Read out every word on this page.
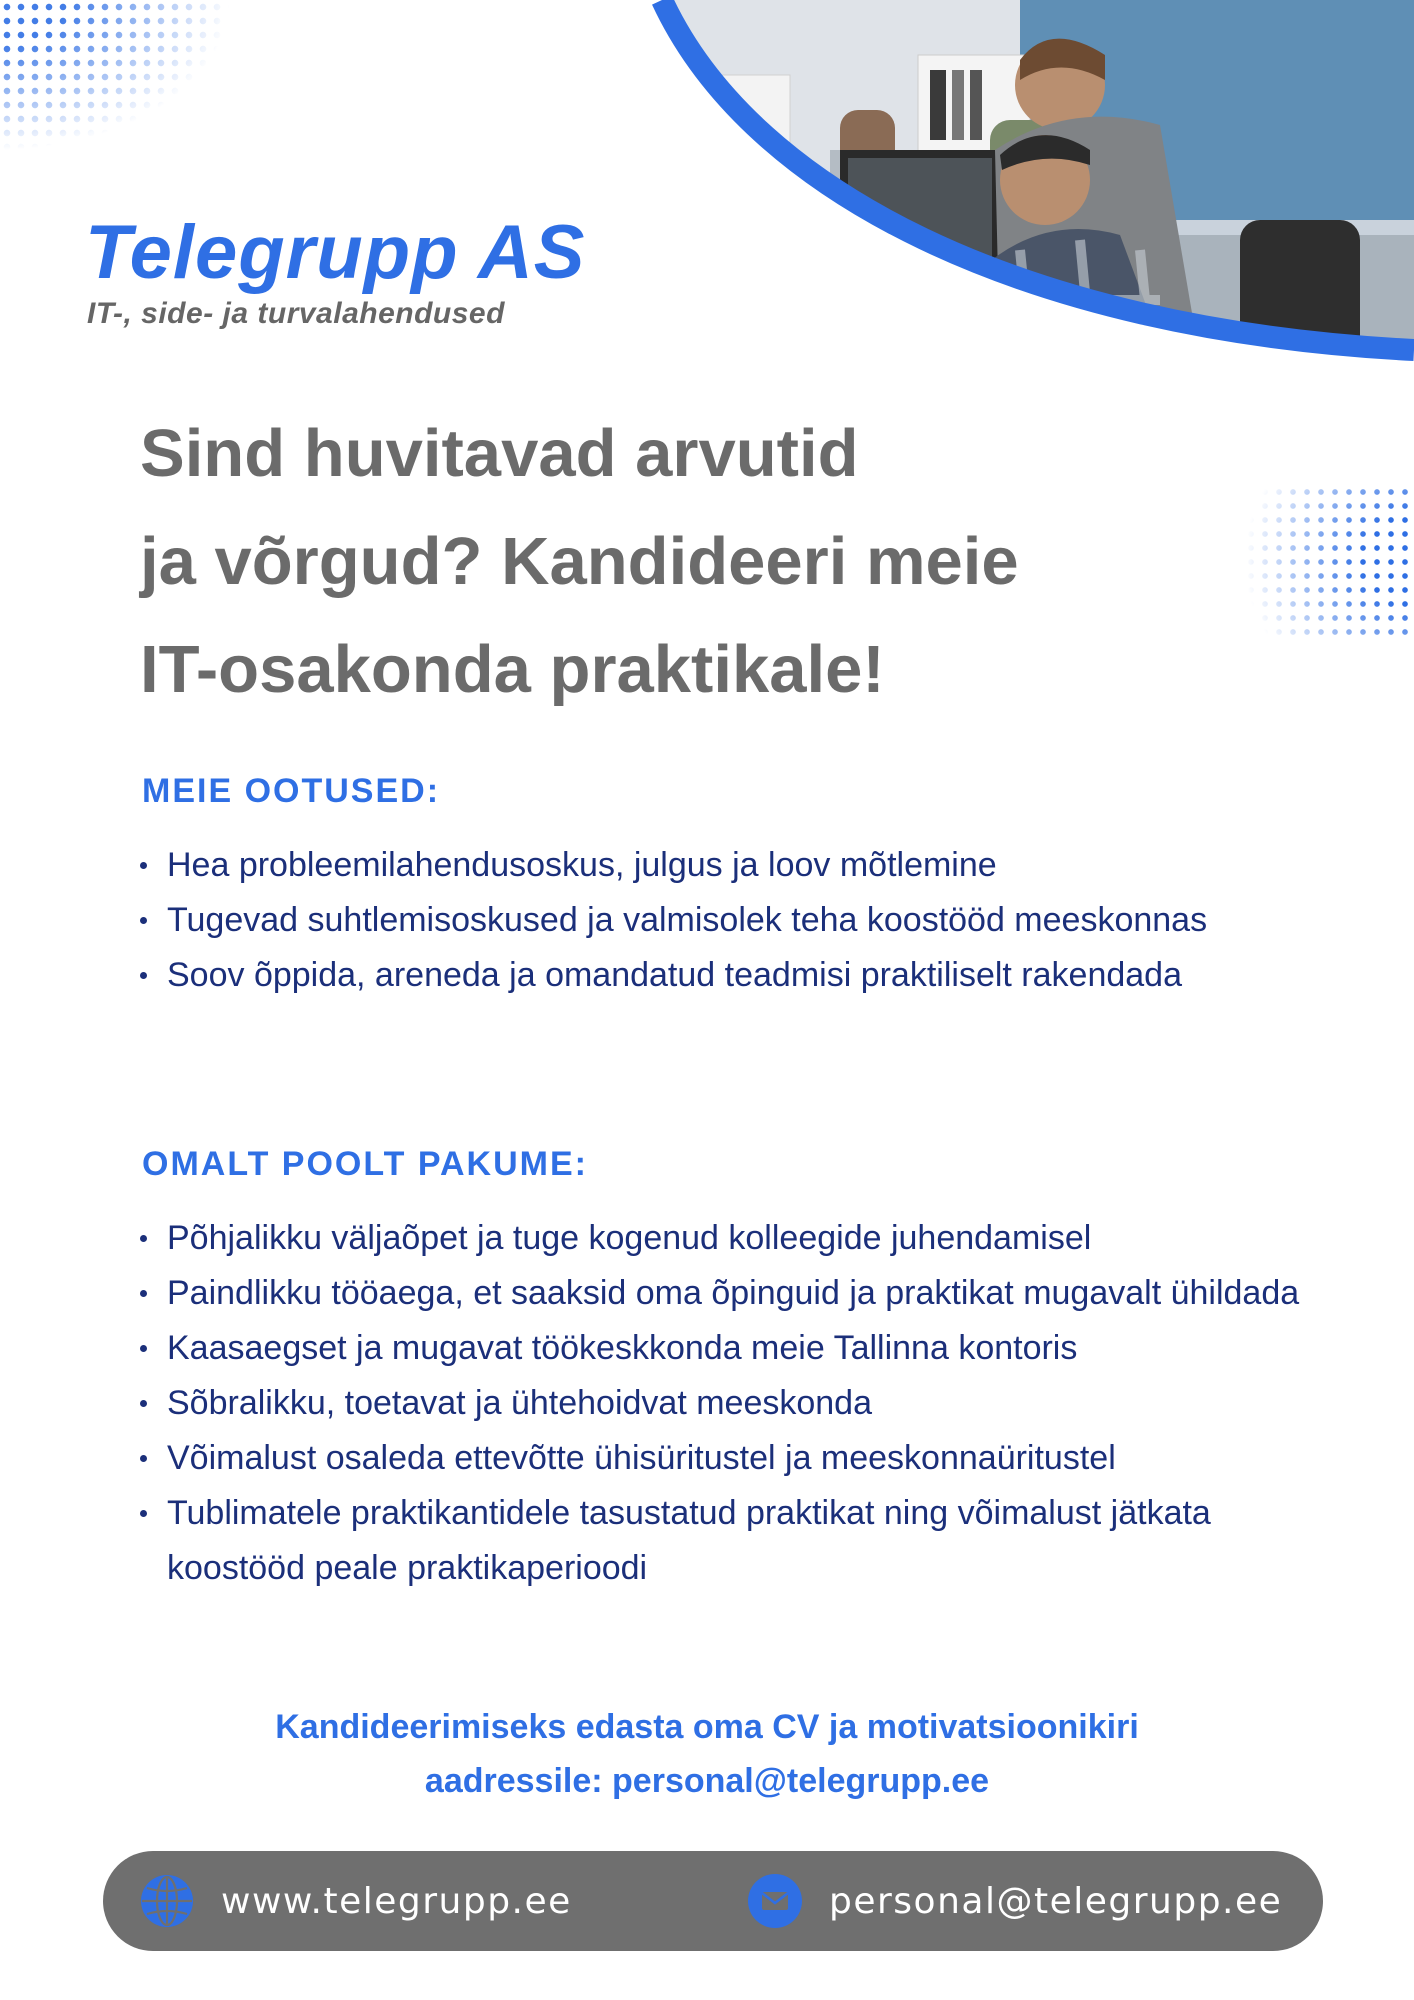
Telegrupp AS
IT-, side- ja turvalahendused
Sind huvitavad arvutid
ja võrgud? Kandideeri meie
IT-osakonda praktikale!
MEIE OOTUSED:
Hea probleemilahendusoskus, julgus ja loov mõtlemine
Tugevad suhtlemisoskused ja valmisolek teha koostööd meeskonnas
Soov õppida, areneda ja omandatud teadmisi praktiliselt rakendada
OMALT POOLT PAKUME:
Põhjalikku väljaõpet ja tuge kogenud kolleegide juhendamisel
Paindlikku tööaega, et saaksid oma õpinguid ja praktikat mugavalt ühildada
Kaasaegset ja mugavat töökeskkonda meie Tallinna kontoris
Sõbralikku, toetavat ja ühtehoidvat meeskonda
Võimalust osaleda ettevõtte ühisüritustel ja meeskonnaüritustel
Tublimatele praktikantidele tasustatud praktikat ning võimalust jätkata koostööd peale praktikaperioodi
Kandideerimiseks edasta oma CV ja motivatsioonikiri
aadressile: personal@telegrupp.ee
www.telegrupp.ee	personal@telegrupp.ee
